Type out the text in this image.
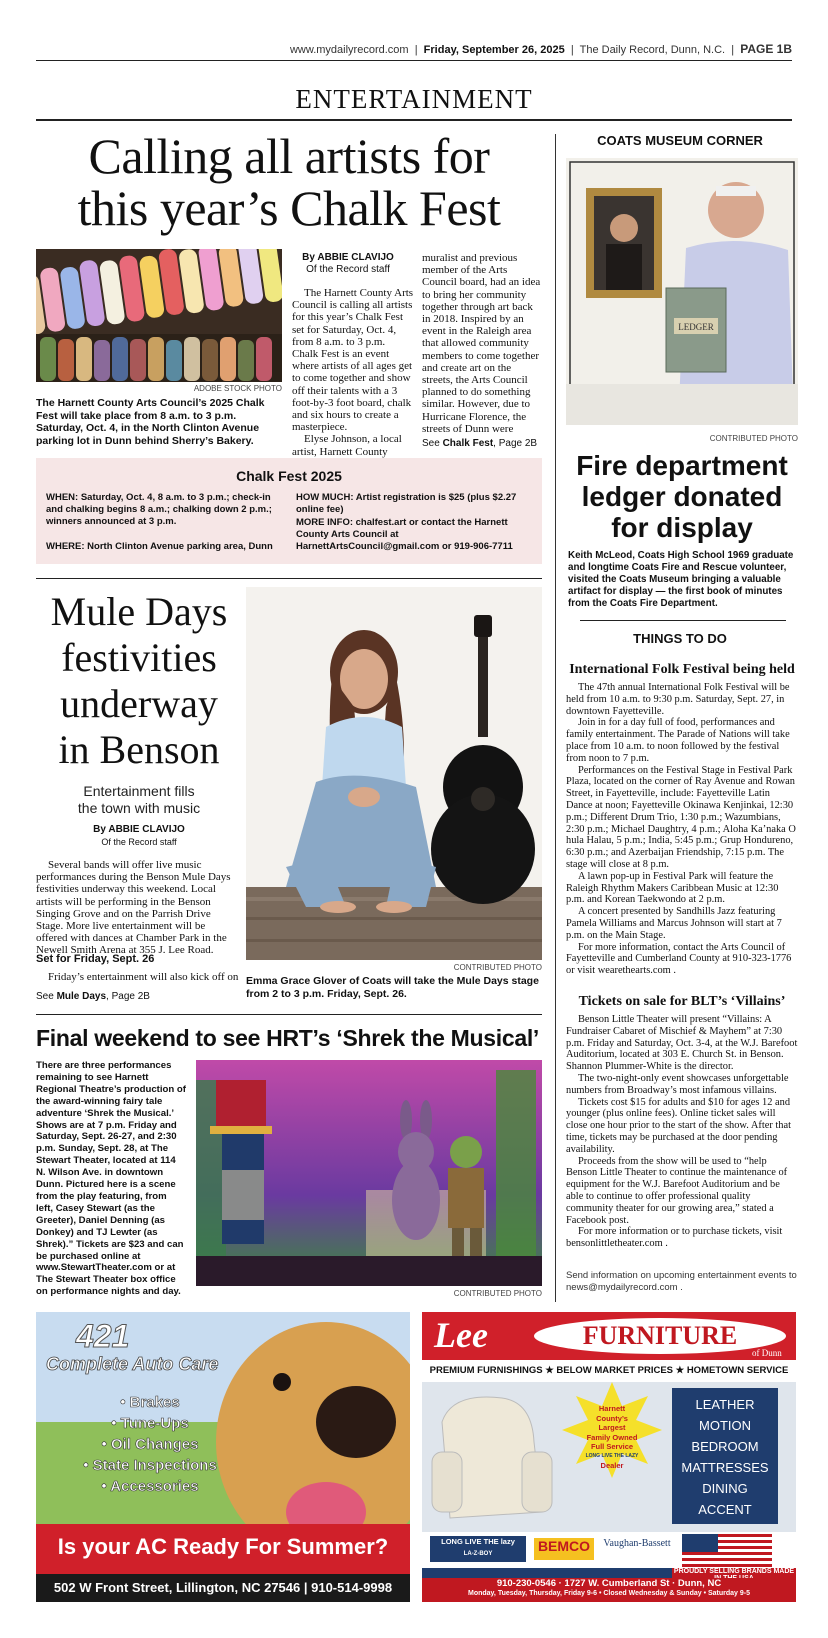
www.mydailyrecord.com  |  Friday, September 26, 2025  |  The Daily Record, Dunn, N.C.  |  PAGE 1B
ENTERTAINMENT
Calling all artists for
this year’s Chalk Fest
ADOBE STOCK PHOTO
The Harnett County Arts Council’s 2025 Chalk Fest will take place from 8 a.m. to 3 p.m. Saturday, Oct. 4, in the North Clinton Avenue parking lot in Dunn behind Sherry’s Bakery.
By ABBIE CLAVIJO
Of the Record staff

The Harnett County Arts Council is calling all artists for this year’s Chalk Fest set for Saturday, Oct. 4, from 8 a.m. to 3 p.m. Chalk Fest is an event where artists of all ages get to come together and show off their talents with a 3 foot-by-3 foot board, chalk and six hours to create a masterpiece.

Elyse Johnson, a local artist, Harnett County

muralist and previous member of the Arts Council board, had an idea to bring her community together through art back in 2018. Inspired by an event in the Raleigh area that allowed community members to come together and create art on the streets, the Arts Council planned to do something similar. However, due to Hurricane Florence, the streets of Dunn were

See Chalk Fest, Page 2B
Chalk Fest 2025
WHEN: Saturday, Oct. 4, 8 a.m. to 3 p.m.; check-in and chalking begins 8 a.m.; chalking down 2 p.m.; winners announced at 3 p.m.
WHERE: North Clinton Avenue parking area, Dunn
HOW MUCH: Artist registration is $25 (plus $2.27 online fee)
MORE INFO: chalfest.art or contact the Harnett County Arts Council at HarnettArtsCouncil@gmail.com or 919-906-7711
Mule Days festivities underway in Benson
Entertainment fills
the town with music
By ABBIE CLAVIJO
Of the Record staff

Several bands will offer live music performances during the Benson Mule Days festivities underway this weekend. Local artists will be performing in the Benson Singing Grove and on the Parrish Drive Stage. More live entertainment will be offered with dances at Chamber Park in the Newell Smith Arena at 355 J. Lee Road.

Set for Friday, Sept. 26

Friday’s entertainment will also kick off on

See Mule Days, Page 2B
CONTRIBUTED PHOTO
Emma Grace Glover of Coats will take the Mule Days stage from 2 to 3 p.m. Friday, Sept. 26.
Final weekend to see HRT’s ‘Shrek the Musical’
There are three performances remaining to see Harnett Regional Theatre’s production of the award-winning fairy tale adventure ‘Shrek the Musical.’ Shows are at 7 p.m. Friday and Saturday, Sept. 26-27, and 2:30 p.m. Sunday, Sept. 28, at The Stewart Theater, located at 114 N. Wilson Ave. in downtown Dunn. Pictured here is a scene from the play featuring, from left, Casey Stewart (as the Greeter), Daniel Denning (as Donkey) and TJ Lewter (as Shrek).” Tickets are $23 and can be purchased online at www.StewartTheater.com or at The Stewart Theater box office on performance nights and day.	CONTRIBUTED PHOTO
COATS MUSEUM CORNER
LEDGER
CONTRIBUTED PHOTO
Fire department
ledger donated
for display
Keith McLeod, Coats High School 1969 graduate and longtime Coats Fire and Rescue volunteer, visited the Coats Museum bringing a valuable artifact for display — the first book of minutes from the Coats Fire Department.
THINGS TO DO
International Folk Festival being held

The 47th annual International Folk Festival will be held from 10 a.m. to 9:30 p.m. Saturday, Sept. 27, in downtown Fayetteville.

Join in for a day full of food, performances and family entertainment. The Parade of Nations will take place from 10 a.m. to noon followed by the festival from noon to 7 p.m.

Performances on the Festival Stage in Festival Park Plaza, located on the corner of Ray Avenue and Rowan Street, in Fayetteville, include: Fayetteville Latin Dance at noon; Fayetteville Okinawa Kenjinkai, 12:30 p.m.; Different Drum Trio, 1:30 p.m.; Wazumbians, 2:30 p.m.; Michael Daughtry, 4 p.m.; Aloha Ka’naka O hula Halau, 5 p.m.; India, 5:45 p.m.; Grup Hondureno, 6:30 p.m.; and Azerbaijan Friendship, 7:15 p.m. The stage will close at 8 p.m.

A lawn pop-up in Festival Park will feature the Raleigh Rhythm Makers Caribbean Music at 12:30 p.m. and Korean Taekwondo at 2 p.m.

A concert presented by Sandhills Jazz featuring Pamela Williams and Marcus Johnson will start at 7 p.m. on the Main Stage.

For more information, contact the Arts Council of Fayetteville and Cumberland County at 910-323-1776 or visit wearethearts.com .

Tickets on sale for BLT’s ‘Villains’

Benson Little Theater will present “Villains: A Fundraiser Cabaret of Mischief & Mayhem” at 7:30 p.m. Friday and Saturday, Oct. 3-4, at the W.J. Barefoot Auditorium, located at 303 E. Church St. in Benson. Shannon Plummer-White is the director.

The two-night-only event showcases unforgettable numbers from Broadway’s most infamous villains.

Tickets cost $15 for adults and $10 for ages 12 and younger (plus online fees). Online ticket sales will close one hour prior to the start of the show. After that time, tickets may be purchased at the door pending availability.

Proceeds from the show will be used to “help Benson Little Theater to continue the maintenance of equipment for the W.J. Barefoot Auditorium and be able to continue to offer professional quality community theater for our growing area,” stated a Facebook post.

For more information or to purchase tickets, visit bensonlittletheater.com .

Send information on upcoming entertainment events to news@mydailyrecord.com .
421
Complete Auto Care
• Brakes
• Tune-Ups
• Oil Changes
• State Inspections
• Accessories
Is your AC Ready For Summer?
502 W Front Street, Lillington, NC 27546 | 910-514-9998
Lee	FURNITURE
of Dunn
PREMIUM FURNISHINGS ★ BELOW MARKET PRICES ★ HOMETOWN SERVICE
Harnett County’s
Largest
Family Owned
Full Service
LONG LIVE THE LAZY
Dealer
LEATHER
MOTION
BEDROOM
MATTRESSES
DINING
ACCENT
LONG LIVE THE lazy
LA-Z-BOY	BEMCO	Vaughan-Bassett
PROUDLY SELLING BRANDS MADE
910-230-0546 · 1727 W. Cumberland St · Dunn, NC
Monday, Tuesday, Thursday, Friday 9-6 • Closed Wednesday & Sunday • Saturday 9-5
